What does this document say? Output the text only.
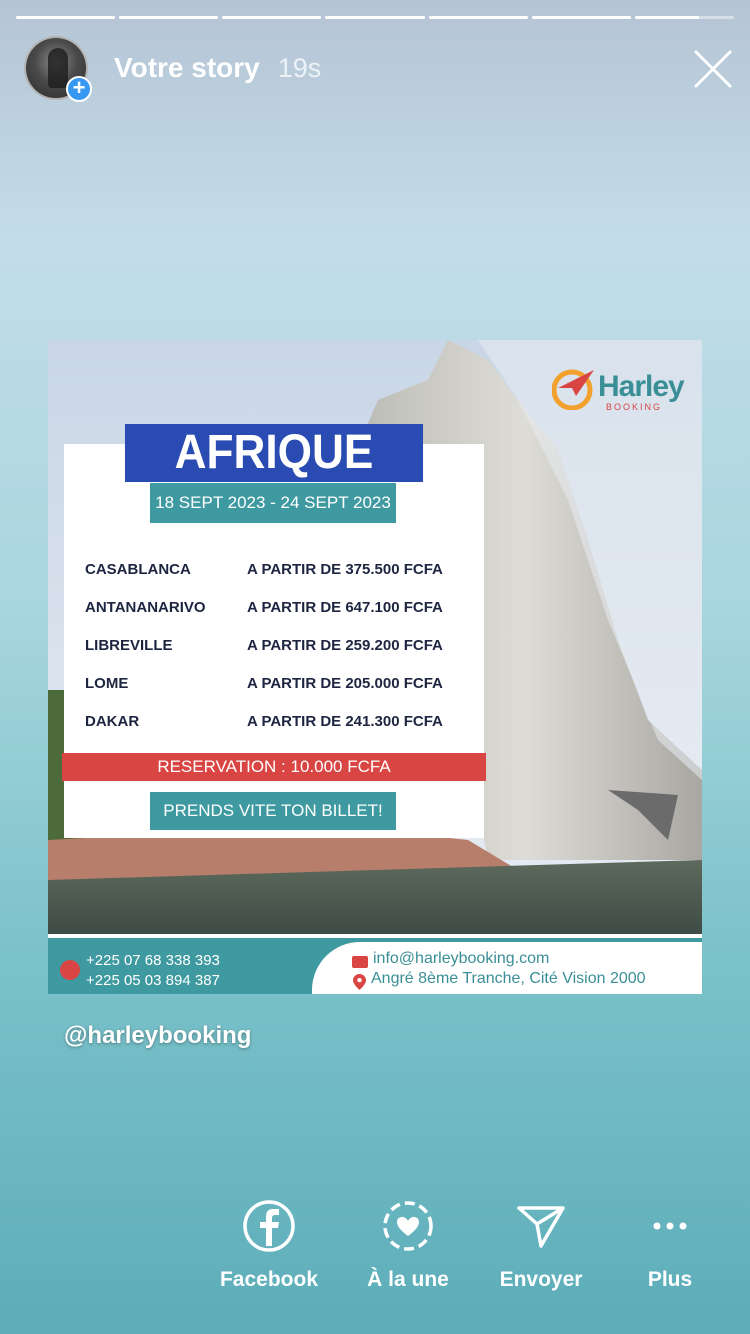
+
Votre story 19s
Harley
BOOKING
AFRIQUE
18 SEPT 2023 - 24 SEPT 2023
CASABLANCA	A PARTIR DE 375.500 FCFA
ANTANANARIVO	A PARTIR DE 647.100 FCFA
LIBREVILLE	A PARTIR DE 259.200 FCFA
LOME	A PARTIR DE 205.000 FCFA
DAKAR	A PARTIR DE 241.300 FCFA
RESERVATION : 10.000 FCFA
PRENDS VITE TON BILLET!
+225 07 68 338 393
+225 05 03 894 387
info@harleybooking.com
Angré 8ème Tranche, Cité Vision 2000
@harleybooking
Facebook	À la une	Envoyer	Plus
